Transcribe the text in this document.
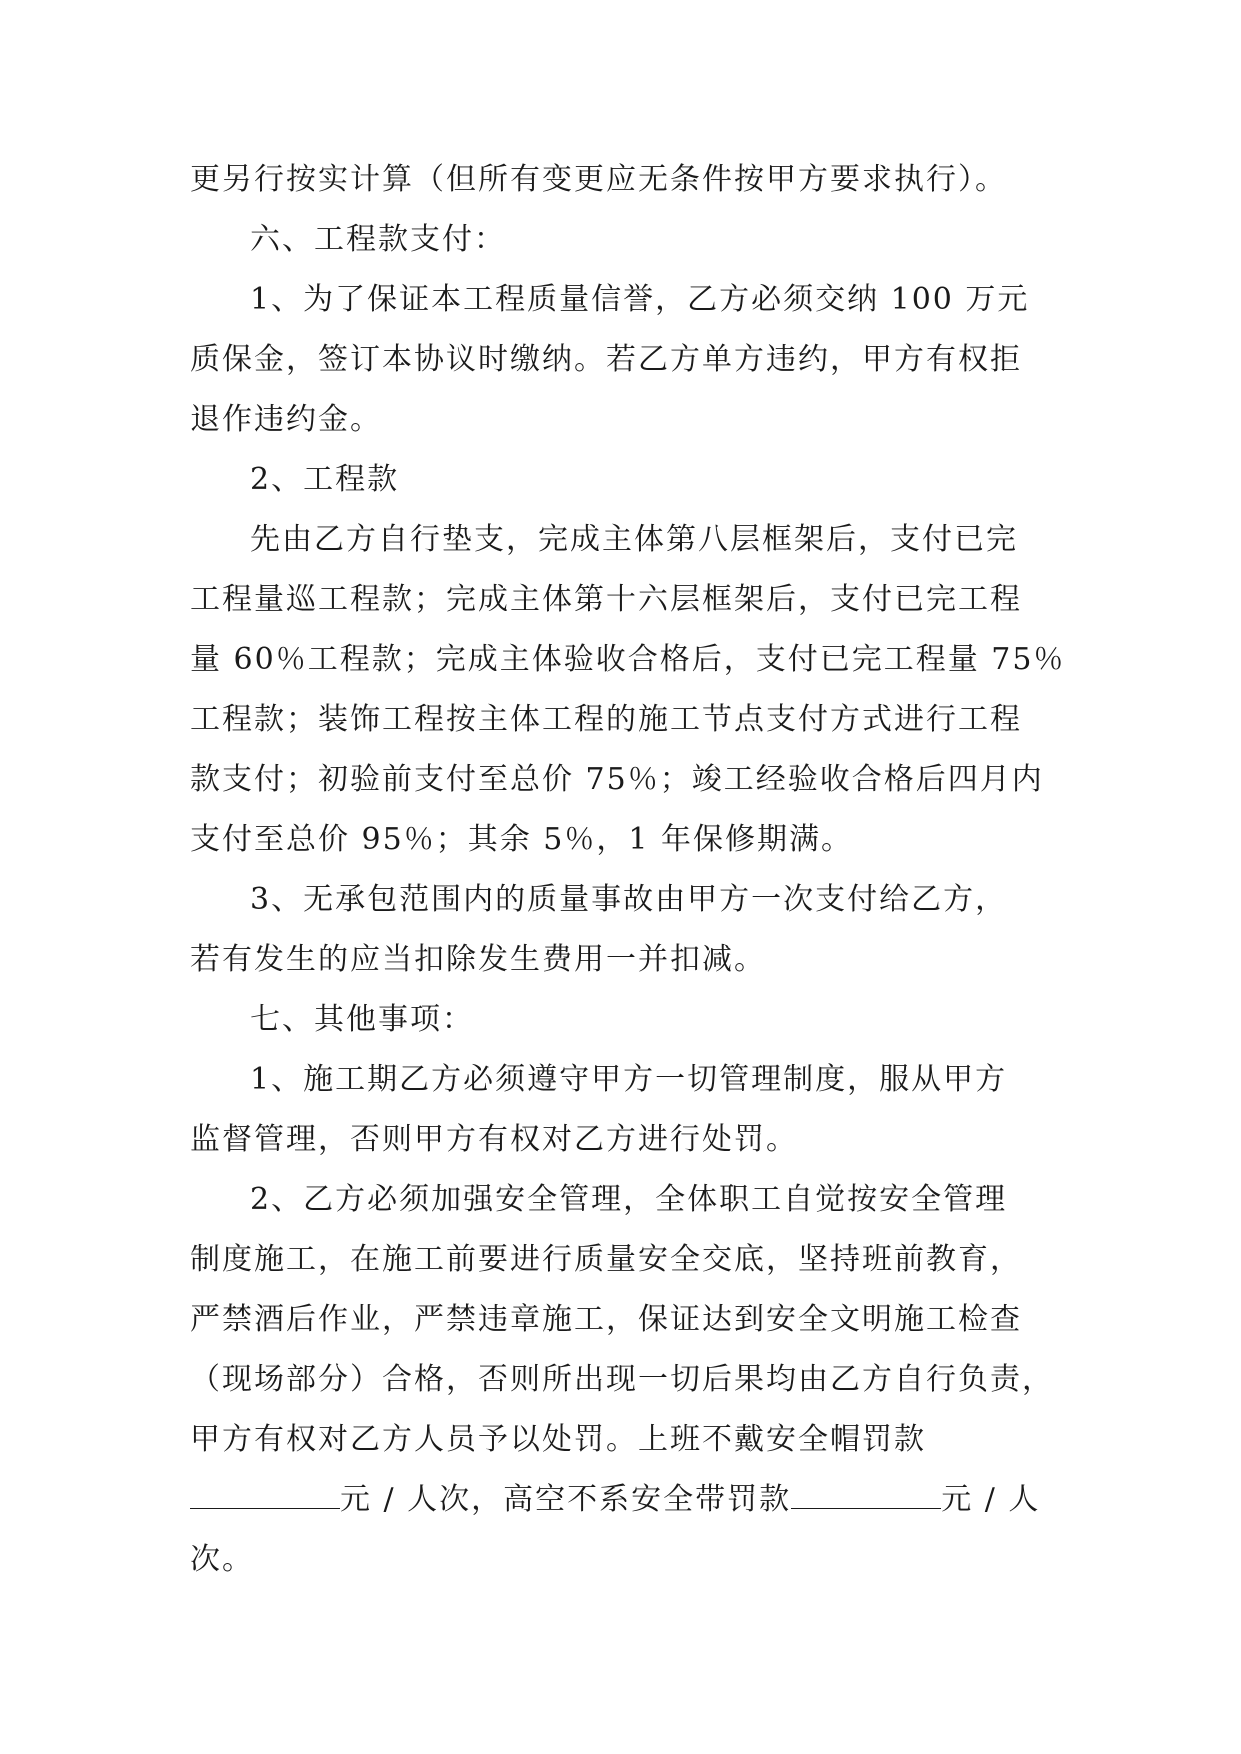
更另行按实计算（但所有变更应无条件按甲方要求执行）。
六、工程款支付：
1、为了保证本工程质量信誉，乙方必须交纳 100 万元
质保金，签订本协议时缴纳。若乙方单方违约，甲方有权拒
退作违约金。
2、工程款
先由乙方自行垫支，完成主体第八层框架后，支付已完
工程量巡工程款；完成主体第十六层框架后，支付已完工程
量 60％工程款；完成主体验收合格后，支付已完工程量 75％
工程款；装饰工程按主体工程的施工节点支付方式进行工程
款支付；初验前支付至总价 75％；竣工经验收合格后四月内
支付至总价 95％；其余 5％，1 年保修期满。
3、无承包范围内的质量事故由甲方一次支付给乙方，
若有发生的应当扣除发生费用一并扣减。
七、其他事项：
1、施工期乙方必须遵守甲方一切管理制度，服从甲方
监督管理，否则甲方有权对乙方进行处罚。
2、乙方必须加强安全管理，全体职工自觉按安全管理
制度施工，在施工前要进行质量安全交底，坚持班前教育，
严禁酒后作业，严禁违章施工，保证达到安全文明施工检查
（现场部分）合格，否则所出现一切后果均由乙方自行负责，
甲方有权对乙方人员予以处罚。上班不戴安全帽罚款
元 / 人次，高空不系安全带罚款	元 / 人
次。
